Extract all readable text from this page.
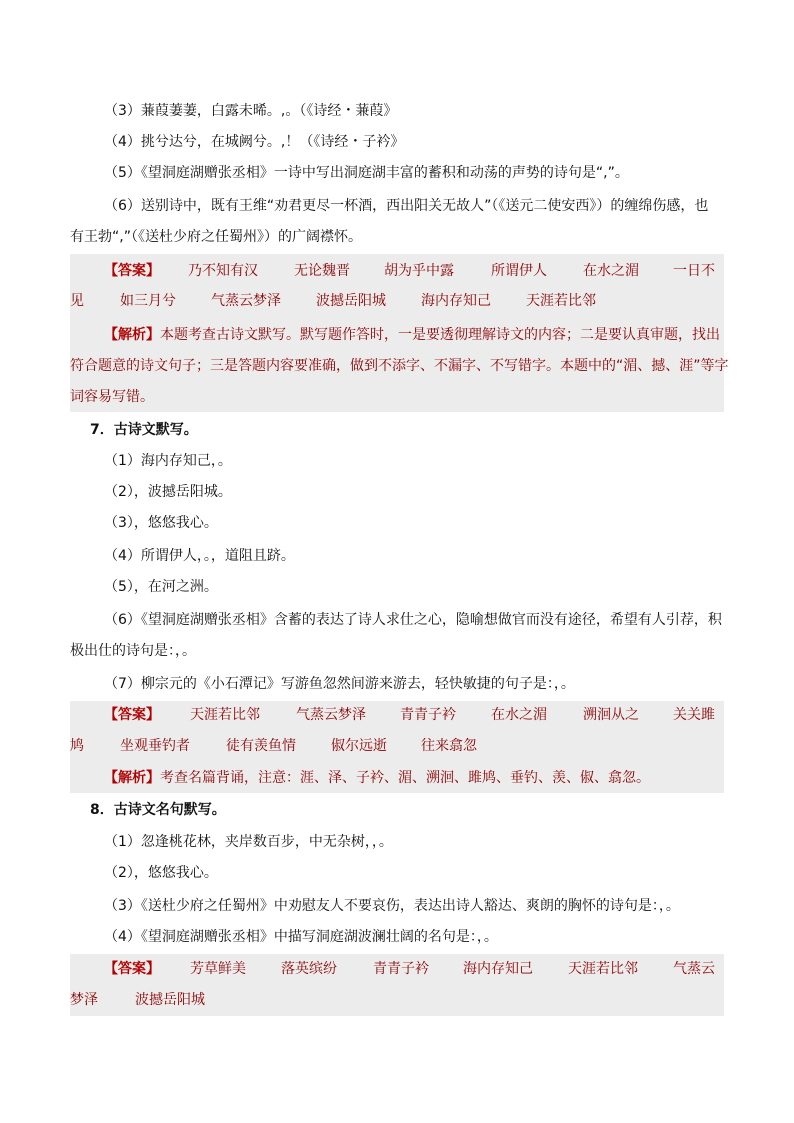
（3）蒹葭萋萋，白露未晞。,。（《诗经・蒹葭》
（4）挑兮达兮，在城阙兮。,！（《诗经・子衿》
（5）《望洞庭湖赠张丞相》一诗中写出洞庭湖丰富的蓄积和动荡的声势的诗句是“,”。
（6）送别诗中，既有王维“劝君更尽一杯酒，西出阳关无故人”（《送元二使安西》）的缠绵伤感，也
有王勃“,”（《送杜少府之任蜀州》）的广阔襟怀。
【答案】 乃不知有汉	无论魏晋 胡为乎中露	所谓伊人	在水之湄 一日不
见	如三月兮	气蒸云梦泽	波撼岳阳城	海内存知己	天涯若比邻
【解析】 本题考查古诗文默写。默写题作答时，一是要透彻理解诗文的内容；二是要认真审题，找出
符合题意的诗文句子；三是答题内容要准确，做到不添字、不漏字、不写错字。本题中的“湄、撼、涯”等字
词容易写错。
7．古诗文默写。
（1）海内存知己，。
（2），波撼岳阳城。
（3），悠悠我心。
（4）所谓伊人，。，道阻且跻。
（5），在河之洲。
（6）《望洞庭湖赠张丞相》含蓄的表达了诗人求仕之心，隐喻想做官而没有途径，希望有人引荐，积
极出仕的诗句是：，。
（7）柳宗元的《小石潭记》写游鱼忽然间游来游去，轻快敏捷的句子是：，。
【答案】 天涯若比邻	气蒸云梦泽 青青子衿	在水之湄	溯洄从之 关关雎
鸠	坐观垂钓者	徒有羡鱼情	俶尔远逝 往来翕忽
【解析】 考查名篇背诵，注意：涯、泽、子衿、湄、溯洄、雎鸠、垂钓、羡、俶、翕忽。
8．古诗文名句默写。
（1）忽逢桃花林，夹岸数百步，中无杂树，，。
（2），悠悠我心。
（3）《送杜少府之任蜀州》中劝慰友人不要哀伤，表达出诗人豁达、爽朗的胸怀的诗句是：，。
（4）《望洞庭湖赠张丞相》中描写洞庭湖波澜壮阔的名句是：，。
【答案】 芳草鲜美	落英缤纷	青青子衿 海内存知己	天涯若比邻	气蒸云
梦泽	波撼岳阳城
